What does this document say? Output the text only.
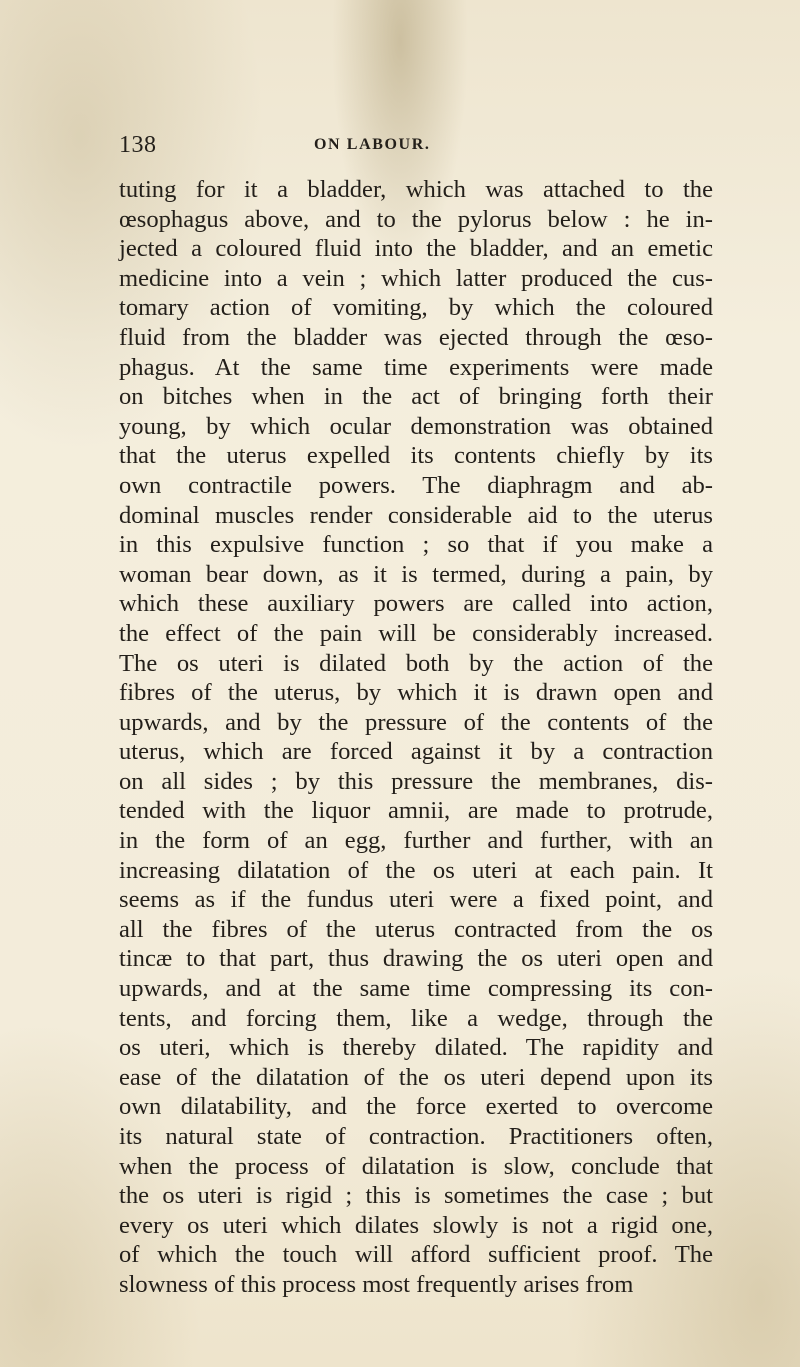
138	ON LABOUR.
tuting for it a bladder, which was attached to the
œsophagus above, and to the pylorus below : he in-
jected a coloured fluid into the bladder, and an emetic
medicine into a vein ; which latter produced the cus-
tomary action of vomiting, by which the coloured
fluid from the bladder was ejected through the œso-
phagus. At the same time experiments were made
on bitches when in the act of bringing forth their
young, by which ocular demonstration was obtained
that the uterus expelled its contents chiefly by its
own contractile powers. The diaphragm and ab-
dominal muscles render considerable aid to the uterus
in this expulsive function ; so that if you make a
woman bear down, as it is termed, during a pain, by
which these auxiliary powers are called into action,
the effect of the pain will be considerably increased.
The os uteri is dilated both by the action of the
fibres of the uterus, by which it is drawn open and
upwards, and by the pressure of the contents of the
uterus, which are forced against it by a contraction
on all sides ; by this pressure the membranes, dis-
tended with the liquor amnii, are made to protrude,
in the form of an egg, further and further, with an
increasing dilatation of the os uteri at each pain. It
seems as if the fundus uteri were a fixed point, and
all the fibres of the uterus contracted from the os
tincæ to that part, thus drawing the os uteri open and
upwards, and at the same time compressing its con-
tents, and forcing them, like a wedge, through the
os uteri, which is thereby dilated. The rapidity and
ease of the dilatation of the os uteri depend upon its
own dilatability, and the force exerted to overcome
its natural state of contraction. Practitioners often,
when the process of dilatation is slow, conclude that
the os uteri is rigid ; this is sometimes the case ; but
every os uteri which dilates slowly is not a rigid one,
of which the touch will afford sufficient proof. The
slowness of this process most frequently arises from
